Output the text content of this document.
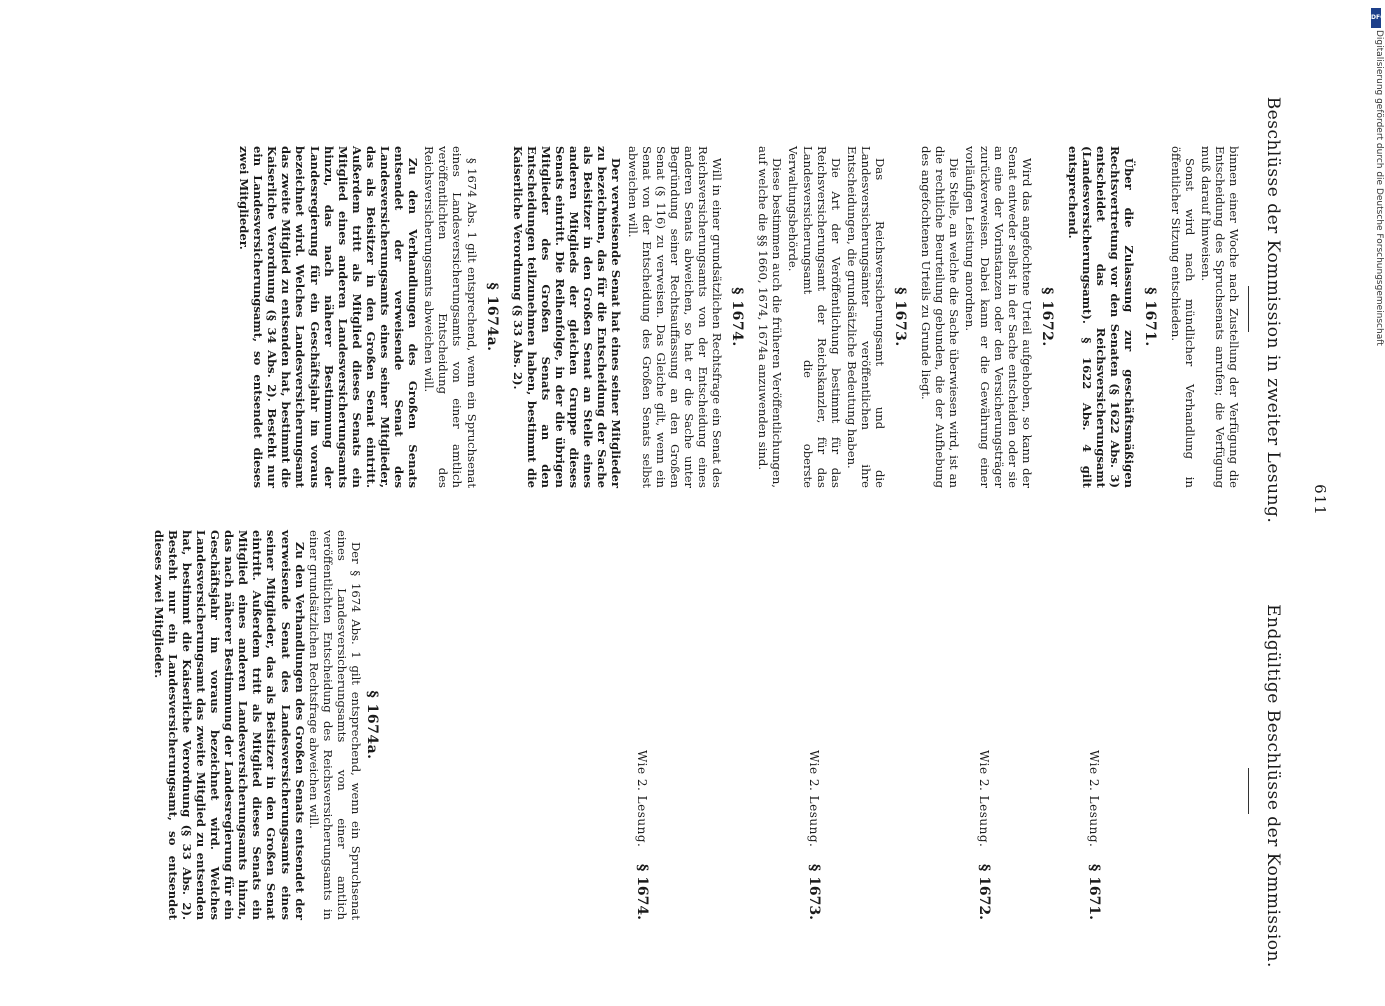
611
Beschlüsse der Kommission in zweiter Lesung.
Endgültige Beschlüsse der Kommission.

binnen einer Woche nach Zustellung der Verfügung die Entscheidung des Spruchsenats anrufen; die Verfügung muß darauf hinweisen.

Sonst wird nach mündlicher Verhandlung in öffentlicher Sitzung entschieden.

§ 1671.

Über die Zulassung zur geschäftsmäßigen Rechtsvertretung vor den Senaten (§ 1622 Abs. 3) entscheidet das Reichsversicherungsamt (Landesversicherungsamt). § 1622 Abs. 4 gilt entsprechend.

§ 1672.

Wird das angefochtene Urteil aufgehoben, so kann der Senat entweder selbst in der Sache entscheiden oder sie an eine der Vorinstanzen oder den Versicherungsträger zurückverweisen. Dabei kann er die Gewährung einer vorläufigen Leistung anordnen.

Die Stelle, an welche die Sache überwiesen wird, ist an die rechtliche Beurteilung gebunden, die der Aufhebung des angefochtenen Urteils zu Grunde liegt.

§ 1673.

Das Reichsversicherungsamt und die Landesversicherungsämter veröffentlichen ihre Entscheidungen, die grundsätzliche Bedeutung haben.

Die Art der Veröffentlichung bestimmt für das Reichsversicherungsamt der Reichskanzler, für das Landesversicherungsamt die oberste Verwaltungsbehörde.

Diese bestimmen auch die früheren Veröffentlichungen, auf welche die §§ 1660, 1674, 1674a anzuwenden sind.

§ 1674.

Will in einer grundsätzlichen Rechtsfrage ein Senat des Reichsversicherungsamts von der Entscheidung eines anderen Senats abweichen, so hat er die Sache unter Begründung seiner Rechtsauffassung an den Großen Senat (§ 116) zu verweisen. Das Gleiche gilt, wenn ein Senat von der Entscheidung des Großen Senats selbst abweichen will.

Der verweisende Senat hat eines seiner Mitglieder zu bezeichnen, das für die Entscheidung der Sache als Beisitzer in den Großen Senat an Stelle eines anderen Mitglieds der gleichen Gruppe dieses Senats eintritt. Die Reihenfolge, in der die übrigen Mitglieder des Großen Senats an den Entscheidungen teilzunehmen haben, bestimmt die Kaiserliche Verordnung (§ 33 Abs. 2).

§ 1674a.

§ 1674 Abs. 1 gilt entsprechend, wenn ein Spruchsenat eines Landesversicherungsamts von einer amtlich veröffentlichten Entscheidung des Reichsversicherungsamts abweichen will.

Zu den Verhandlungen des Großen Senats entsendet der verweisende Senat des Landesversicherungsamts eines seiner Mitglieder, das als Beisitzer in den Großen Senat eintritt. Außerdem tritt als Mitglied dieses Senats ein Mitglied eines anderen Landesversicherungsamts hinzu, das nach näherer Bestimmung der Landesregierung für ein Geschäftsjahr im voraus bezeichnet wird. Welches Landesversicherungsamt das zweite Mitglied zu entsenden hat, bestimmt die Kaiserliche Verordnung (§ 34 Abs. 2). Besteht nur ein Landesversicherungsamt, so entsendet dieses zwei Mitglieder.

Wie 2. Lesung.
§ 1671.
Wie 2. Lesung.
§ 1672.
Wie 2. Lesung.
§ 1673.
Wie 2. Lesung.
§ 1674.
§ 1674a.

Der § 1674 Abs. 1 gilt entsprechend, wenn ein Spruchsenat eines Landesversicherungsamts von einer amtlich veröffentlichten Entscheidung des Reichsversicherungsamts in einer grundsätzlichen Rechtsfrage abweichen will.

Zu den Verhandlungen des Großen Senats entsendet der verweisende Senat des Landesversicherungsamts eines seiner Mitglieder, das als Beisitzer in den Großen Senat eintritt. Außerdem tritt als Mitglied dieses Senats ein Mitglied eines anderen Landesversicherungsamts hinzu, das nach näherer Bestimmung der Landesregierung für ein Geschäftsjahr im voraus bezeichnet wird. Welches Landesversicherungsamt das zweite Mitglied zu entsenden hat, bestimmt die Kaiserliche Verordnung (§ 33 Abs. 2). Besteht nur ein Landesversicherungsamt, so entsendet dieses zwei Mitglieder.

DFG
Digitalisierung gefördert durch die Deutsche Forschungsgemeinschaft
